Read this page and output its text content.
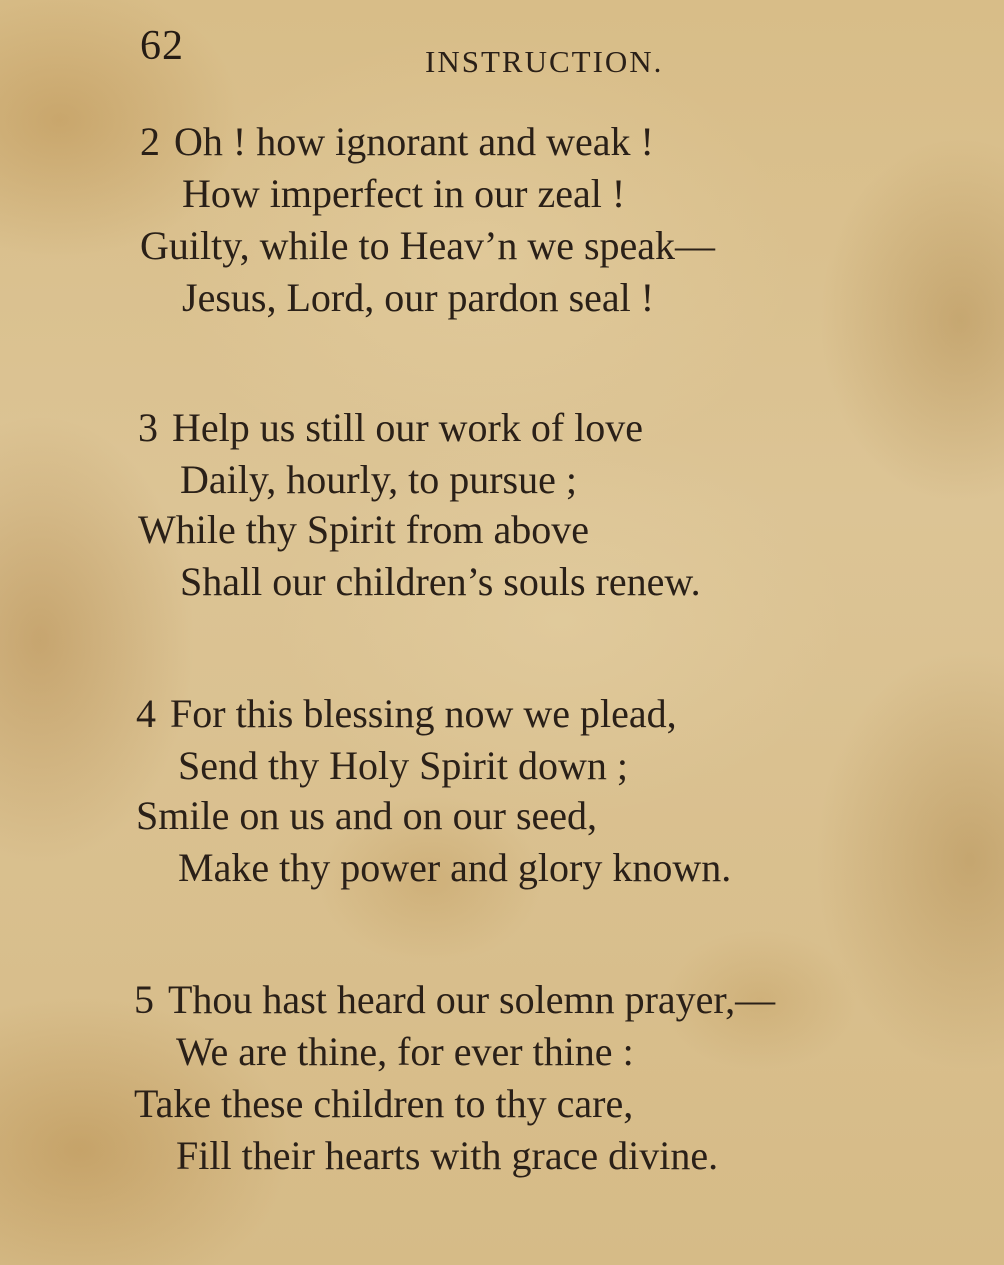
62	INSTRUCTION.
2 Oh ! how ignorant and weak !
How imperfect in our zeal !
Guilty, while to Heav’n we speak—
Jesus, Lord, our pardon seal !
3 Help us still our work of love
Daily, hourly, to pursue ;
While thy Spirit from above
Shall our children’s souls renew.
4 For this blessing now we plead,
Send thy Holy Spirit down ;
Smile on us and on our seed,
Make thy power and glory known.
5 Thou hast heard our solemn prayer,—
We are thine, for ever thine :
Take these children to thy care,
Fill their hearts with grace divine.
